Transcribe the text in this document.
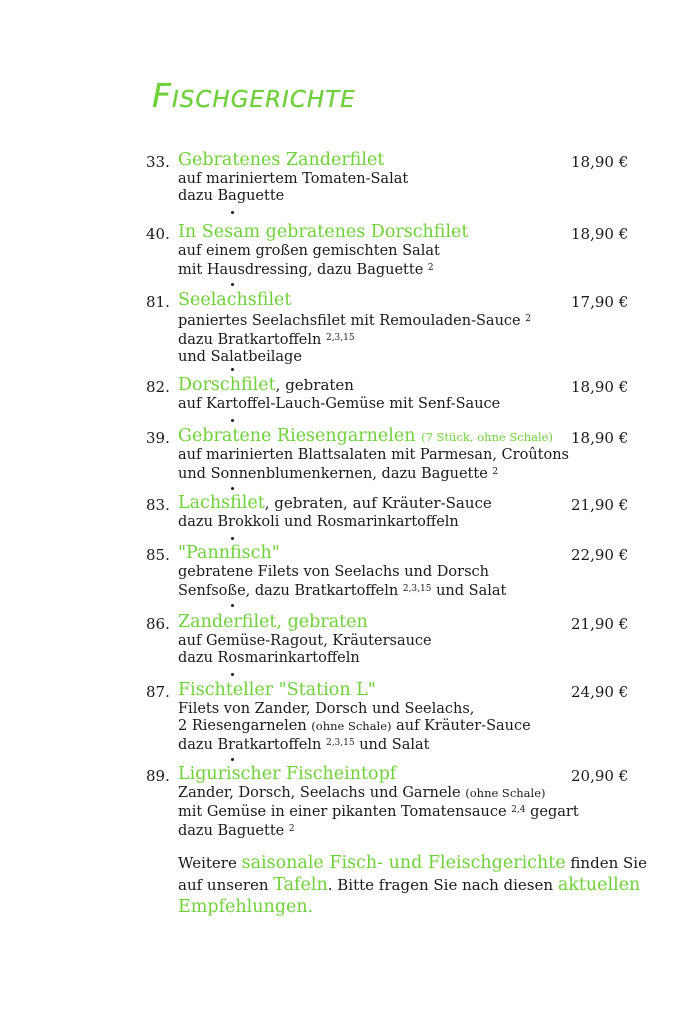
Fischgerichte
33. Gebratenes Zanderfilet	18,90 €
auf mariniertem Tomaten-Salat
dazu Baguette
40. In Sesam gebratenes Dorschfilet	18,90 €
auf einem großen gemischten Salat
mit Hausdressing, dazu Baguette $^2$
81. Seelachsfilet	17,90 €
paniertes Seelachsfilet mit Remouladen-Sauce $^2$
dazu Bratkartoffeln $^{2,3,15}$
und Salatbeilage
82. Dorschfilet, gebraten	18,90 €
auf Kartoffel-Lauch-Gemüse mit Senf-Sauce
39. Gebratene Riesengarnelen (7 Stück, ohne Schale) 18,90 €
auf marinierten Blattsalaten mit Parmesan, Croûtons
und Sonnenblumenkernen, dazu Baguette $^2$
83. Lachsfilet, gebraten, auf Kräuter-Sauce	21,90 €
dazu Brokkoli und Rosmarinkartoffeln
85. "Pannfisch"	22,90 €
gebratene Filets von Seelachs und Dorsch
Senfsoße, dazu Bratkartoffeln $^{2,3,15}$ und Salat
86. Zanderfilet, gebraten	21,90 €
auf Gemüse-Ragout, Kräutersauce
dazu Rosmarinkartoffeln
87. Fischteller "Station L"	24,90 €
Filets von Zander, Dorsch und Seelachs,
2 Riesengarnelen (ohne Schale) auf Kräuter-Sauce
dazu Bratkartoffeln $^{2,3,15}$ und Salat
89. Ligurischer Fischeintopf	20,90 €
Zander, Dorsch, Seelachs und Garnele (ohne Schale)
mit Gemüse in einer pikanten Tomatensauce $^{2,4}$ gegart
dazu Baguette $^2$
Weitere saisonale Fisch- und Fleischgerichte finden Sie
auf unseren Tafeln. Bitte fragen Sie nach diesen aktuellen
Empfehlungen.
